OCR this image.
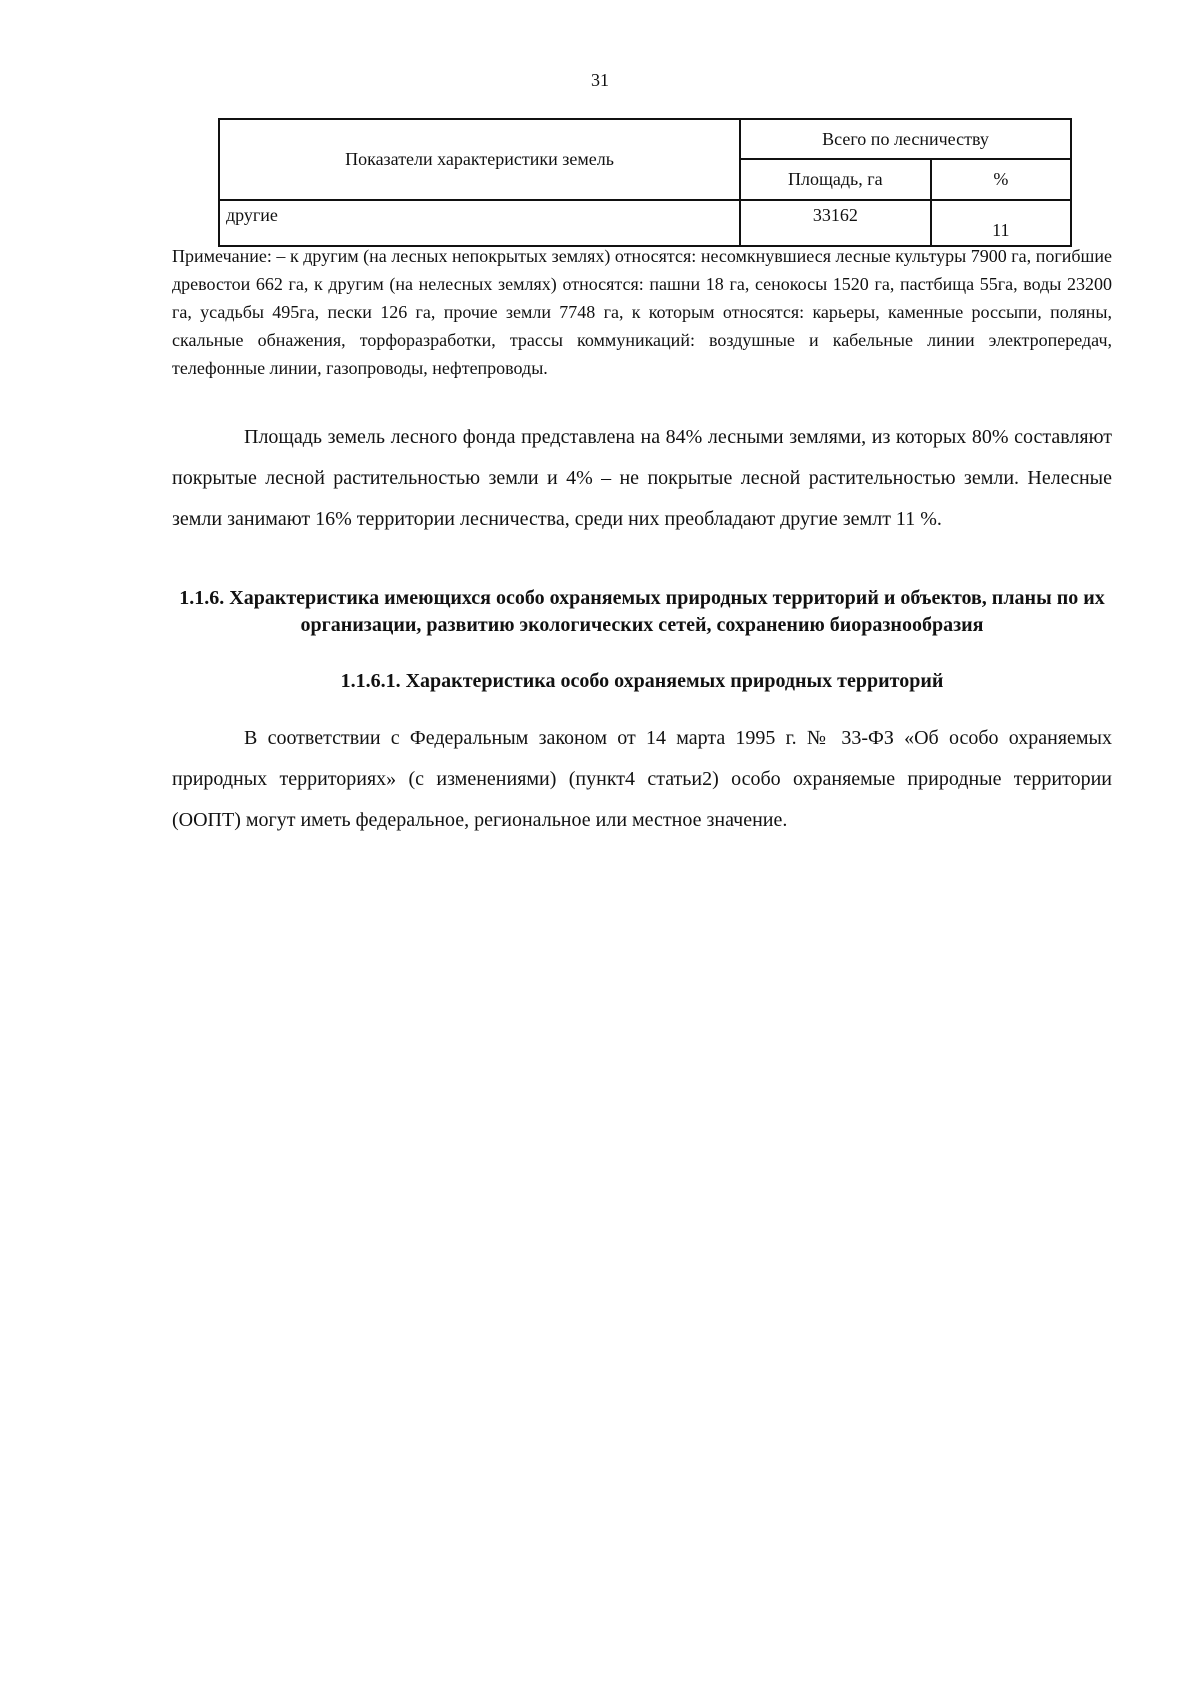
31
Показатели характеристики земель	Всего по лесничеству	
	Площадь, га	%
другие	33162	11
Примечание: – к другим (на лесных непокрытых землях) относятся: несомкнувшиеся лесные культуры 7900 га, погибшие древостои 662 га, к другим (на нелесных землях) относятся: пашни 18 га, сенокосы 1520 га, пастбища 55га, воды 23200 га, усадьбы 495га, пески 126 га, прочие земли 7748 га, к которым относятся: карьеры, каменные россыпи, поляны, скальные обнажения, торфоразработки, трассы коммуникаций: воздушные и кабельные линии электропередач, телефонные линии, газопроводы, нефтепроводы.
Площадь земель лесного фонда представлена на 84% лесными землями, из которых 80% составляют покрытые лесной растительностью земли и 4% – не покрытые лесной растительностью земли. Нелесные земли занимают 16% территории лесничества, среди них преобладают другие землт 11 %.
1.1.6. Характеристика имеющихся особо охраняемых природных территорий и объектов, планы по их организации, развитию экологических сетей, сохранению биоразнообразия
1.1.6.1. Характеристика особо охраняемых природных территорий
В соответствии с Федеральным законом от 14 марта 1995 г. № 33-ФЗ «Об особо охраняемых природных территориях» (с изменениями) (пункт4 статьи2) особо охраняемые природные территории (ООПТ) могут иметь федеральное, региональное или местное значение.
